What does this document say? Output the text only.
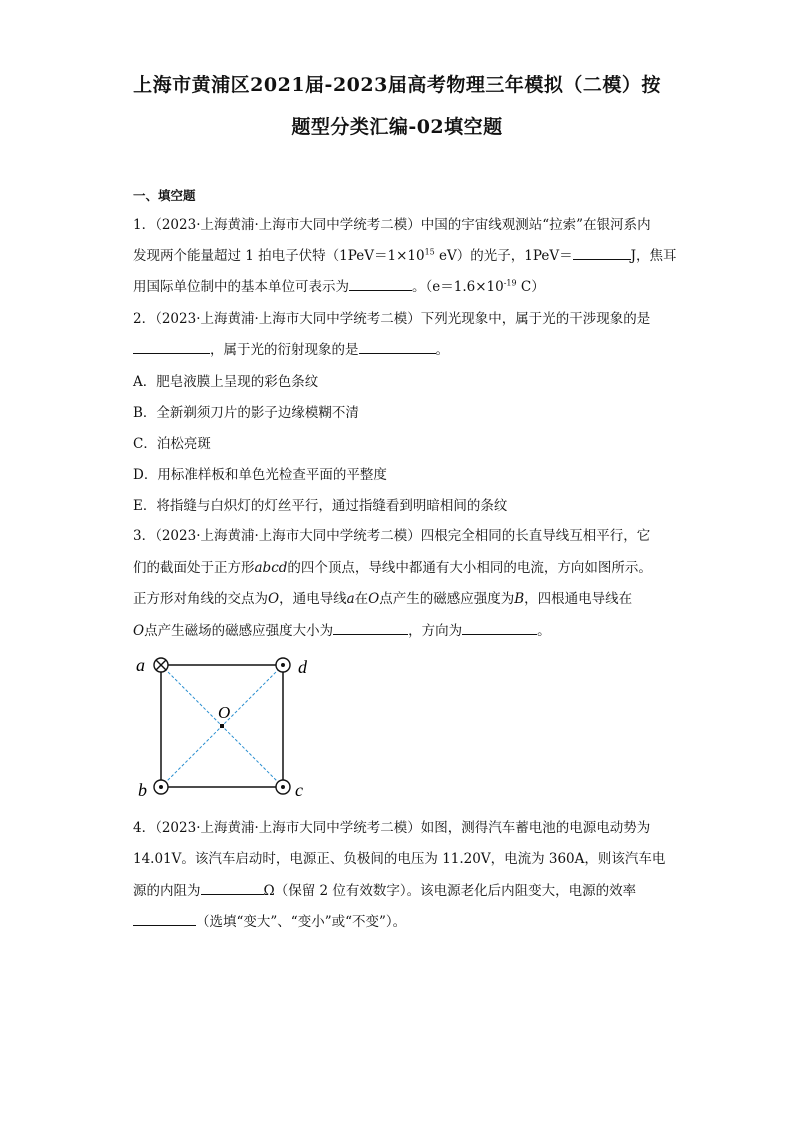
上海市黄浦区2021届-2023届高考物理三年模拟（二模）按
题型分类汇编-02填空题
一、填空题
1．（2023·上海黄浦·上海市大同中学统考二模）中国的宇宙线观测站“拉索”在银河系内
发现两个能量超过 1 拍电子伏特（$1PeV=1\times 10^{15}$ eV）的光子，1PeV＝	J，焦耳
用国际单位制中的基本单位可表示为	。（$e=1.6\times 10^{-19}$ C）
2．（2023·上海黄浦·上海市大同中学统考二模）下列光现象中，属于光的干涉现象的是
，属于光的衍射现象的是	。
A．肥皂液膜上呈现的彩色条纹
B．全新剃须刀片的影子边缘模糊不清
C．泊松亮斑
D．用标准样板和单色光检查平面的平整度
E．将指缝与白炽灯的灯丝平行，通过指缝看到明暗相间的条纹
3．（2023·上海黄浦·上海市大同中学统考二模）四根完全相同的长直导线互相平行，它
们的截面处于正方形abcd的四个顶点，导线中都通有大小相同的电流，方向如图所示。
正方形对角线的交点为O，通电导线a在O点产生的磁感应强度为B，四根通电导线在
O点产生磁场的磁感应强度大小为	，方向为	。
a	d
b	c
O
4．（2023·上海黄浦·上海市大同中学统考二模）如图，测得汽车蓄电池的电源电动势为
14.01V。该汽车启动时，电源正、负极间的电压为 11.20V，电流为 360A，则该汽车电
源的内阻为	Ω（保留 2 位有效数字）。该电源老化后内阻变大，电源的效率
（选填“变大”、“变小”或“不变”）。
